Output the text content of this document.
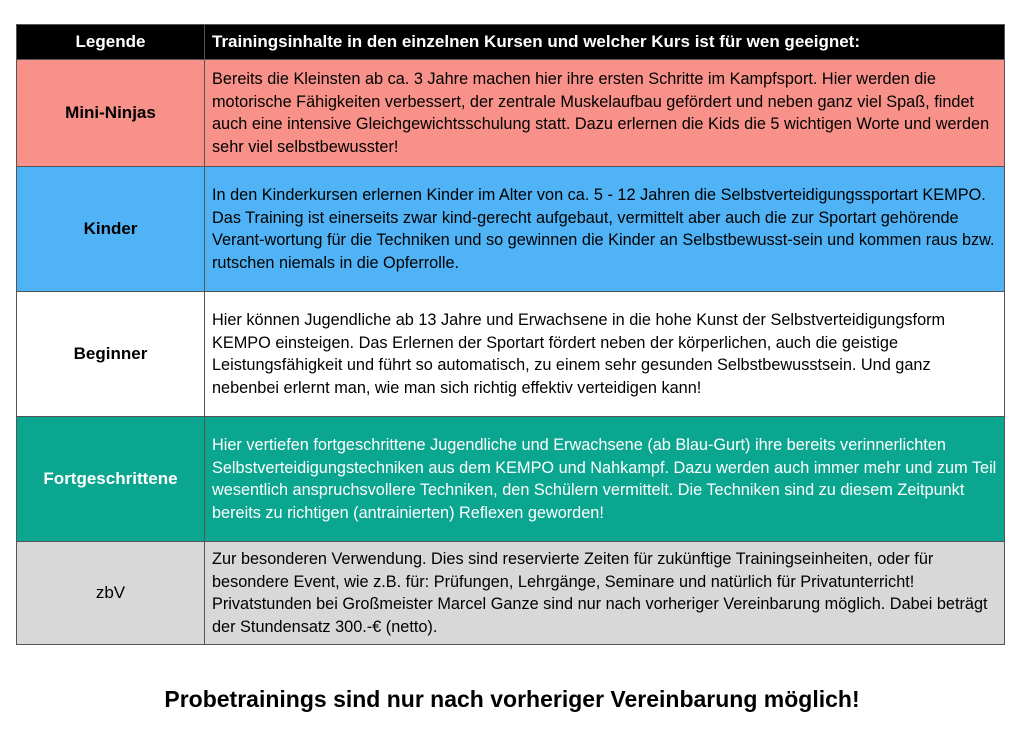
Legende	Trainingsinhalte in den einzelnen Kursen und welcher Kurs ist für wen geeignet:
Mini-Ninjas	Bereits die Kleinsten ab ca. 3 Jahre machen hier ihre ersten Schritte im Kampfsport. Hier werden die motorische Fähigkeiten verbessert, der zentrale Muskelaufbau gefördert und neben ganz viel Spaß, findet auch eine intensive Gleichgewichtsschulung statt. Dazu erlernen die Kids die 5 wichtigen Worte und werden sehr viel selbstbewusster!
Kinder	In den Kinderkursen erlernen Kinder im Alter von ca. 5 - 12 Jahren die Selbstverteidigungssportart KEMPO. Das Training ist einerseits zwar kind-gerecht aufgebaut, vermittelt aber auch die zur Sportart gehörende Verant-wortung für die Techniken und so gewinnen die Kinder an Selbstbewusst-sein und kommen raus bzw. rutschen niemals in die Opferrolle.
Beginner	Hier können Jugendliche ab 13 Jahre und Erwachsene in die hohe Kunst der Selbstverteidigungsform KEMPO einsteigen. Das Erlernen der Sportart fördert neben der körperlichen, auch die geistige Leistungsfähigkeit und führt so automatisch, zu einem sehr gesunden Selbstbewusstsein. Und ganz nebenbei erlernt man, wie man sich richtig effektiv verteidigen kann!
Fortgeschrittene	Hier vertiefen fortgeschrittene Jugendliche und Erwachsene (ab Blau-Gurt) ihre bereits verinnerlichten Selbstverteidigungstechniken aus dem KEMPO und Nahkampf. Dazu werden auch immer mehr und zum Teil wesentlich anspruchsvollere Techniken, den Schülern vermittelt. Die Techniken sind zu diesem Zeitpunkt bereits zu richtigen (antrainierten) Reflexen geworden!
zbV	Zur besonderen Verwendung. Dies sind reservierte Zeiten für zukünftige Trainingseinheiten, oder für besondere Event, wie z.B. für: Prüfungen, Lehrgänge, Seminare und natürlich für Privatunterricht! Privatstunden bei Großmeister Marcel Ganze sind nur nach vorheriger Vereinbarung möglich. Dabei beträgt der Stundensatz 300.-€ (netto).
Probetrainings sind nur nach vorheriger Vereinbarung möglich!
